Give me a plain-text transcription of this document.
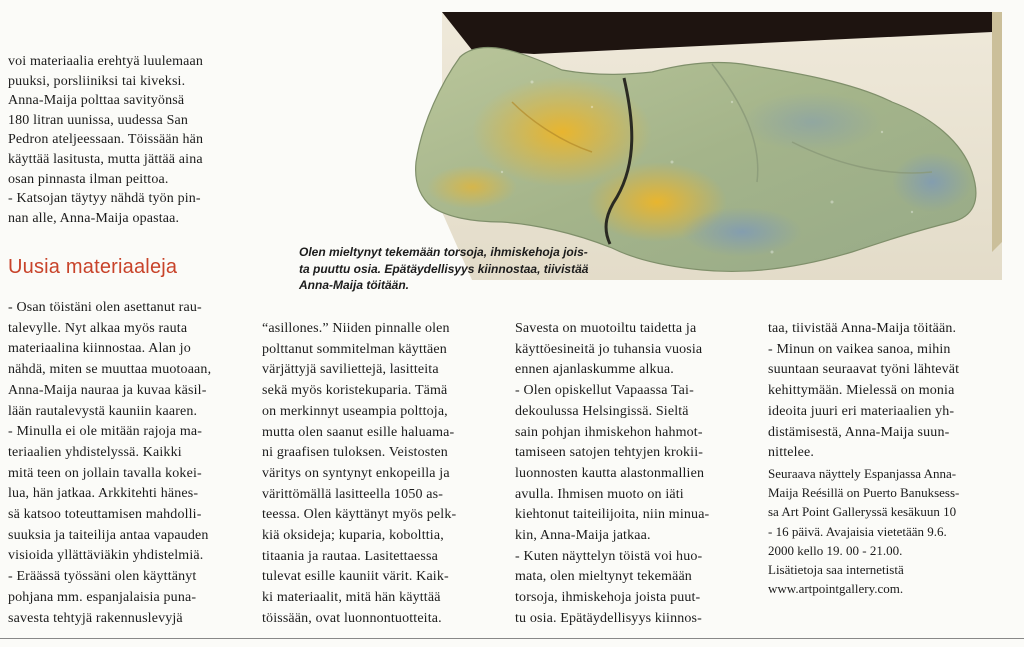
voi materiaalia erehtyä luulemaan
puuksi, porsliiniksi tai kiveksi.
Anna-Maija polttaa savityönsä
180 litran uunissa, uudessa San
Pedron ateljeessaan. Töissään hän
käyttää lasitusta, mutta jättää aina
osan pinnasta ilman peittoa.
- Katsojan täytyy nähdä työn pin-
nan alle, Anna-Maija opastaa.
Uusia materiaaleja
Olen mieltynyt tekemään torsoja, ihmiskehoja jois-
ta puuttu osia. Epätäydellisyys kiinnostaa, tiivistää
Anna-Maija töitään.
- Osan töistäni olen asettanut rau-
talevylle. Nyt alkaa myös rauta
materiaalina kiinnostaa. Alan jo
nähdä, miten se muuttaa muotoaan,
Anna-Maija nauraa ja kuvaa käsil-
lään rautalevystä kauniin kaaren.
- Minulla ei ole mitään rajoja ma-
teriaalien yhdistelyssä. Kaikki
mitä teen on jollain tavalla kokei-
lua, hän jatkaa. Arkkitehti hänes-
sä katsoo toteuttamisen mahdolli-
suuksia ja taiteilija antaa vapauden
visioida yllättäviäkin yhdistelmiä.
- Eräässä työssäni olen käyttänyt
pohjana mm. espanjalaisia puna-
savesta tehtyjä rakennuslevyjä
“asillones.” Niiden pinnalle olen
polttanut sommitelman käyttäen
värjättyjä saviliettejä, lasitteita
sekä myös koristekuparia. Tämä
on merkinnyt useampia polttoja,
mutta olen saanut esille haluama-
ni graafisen tuloksen. Veistosten
väritys on syntynyt enkopeilla ja
värittömällä lasitteella 1050 as-
teessa. Olen käyttänyt myös pelk-
kiä oksideja; kuparia, kobolttia,
titaania ja rautaa. Lasitettaessa
tulevat esille kauniit värit. Kaik-
ki materiaalit, mitä hän käyttää
töissään, ovat luonnontuotteita.
Savesta on muotoiltu taidetta ja
käyttöesineitä jo tuhansia vuosia
ennen ajanlaskumme alkua.
- Olen opiskellut Vapaassa Tai-
dekoulussa Helsingissä. Sieltä
sain pohjan ihmiskehon hahmot-
tamiseen satojen tehtyjen krokii-
luonnosten kautta alastonmallien
avulla. Ihmisen muoto on iäti
kiehtonut taiteilijoita, niin minua-
kin, Anna-Maija jatkaa.
- Kuten näyttelyn töistä voi huo-
mata, olen mieltynyt tekemään
torsoja, ihmiskehoja joista puut-
tu osia. Epätäydellisyys kiinnos-
taa, tiivistää Anna-Maija töitään.
- Minun on vaikea sanoa, mihin
suuntaan seuraavat työni lähtevät
kehittymään. Mielessä on monia
ideoita juuri eri materiaalien yh-
distämisestä, Anna-Maija suun-
nittelee.
Seuraava näyttely Espanjassa Anna-
Maija Reésillä on Puerto Banuksess-
sa Art Point Galleryssä kesäkuun 10
- 16 päivä. Avajaisia vietetään 9.6.
2000 kello 19. 00 - 21.00.
Lisätietoja saa internetistä
www.artpointgallery.com.
